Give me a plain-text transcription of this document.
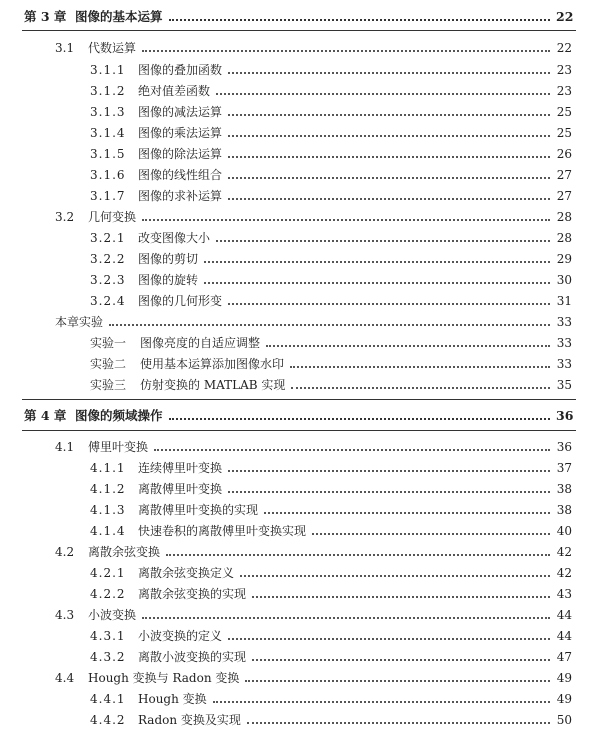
第 3 章 图像的基本运算	22
3.1	代数运算	22
3.1.1	图像的叠加函数	23
3.1.2	绝对值差函数	23
3.1.3	图像的减法运算	25
3.1.4	图像的乘法运算	25
3.1.5	图像的除法运算	26
3.1.6	图像的线性组合	27
3.1.7	图像的求补运算	27
3.2	几何变换	28
3.2.1	改变图像大小	28
3.2.2	图像的剪切	29
3.2.3	图像的旋转	30
3.2.4	图像的几何形变	31
本章实验	33
实验一	图像亮度的自适应调整	33
实验二	使用基本运算添加图像水印	33
实验三	仿射变换的 MATLAB 实现	35
第 4 章 图像的频域操作	36
4.1	傅里叶变换	36
4.1.1	连续傅里叶变换	37
4.1.2	离散傅里叶变换	38
4.1.3	离散傅里叶变换的实现	38
4.1.4	快速卷积的离散傅里叶变换实现	40
4.2	离散余弦变换	42
4.2.1	离散余弦变换定义	42
4.2.2	离散余弦变换的实现	43
4.3	小波变换	44
4.3.1	小波变换的定义	44
4.3.2	离散小波变换的实现	47
4.4	Hough 变换与 Radon 变换	49
4.4.1	Hough 变换	49
4.4.2	Radon 变换及实现	50
